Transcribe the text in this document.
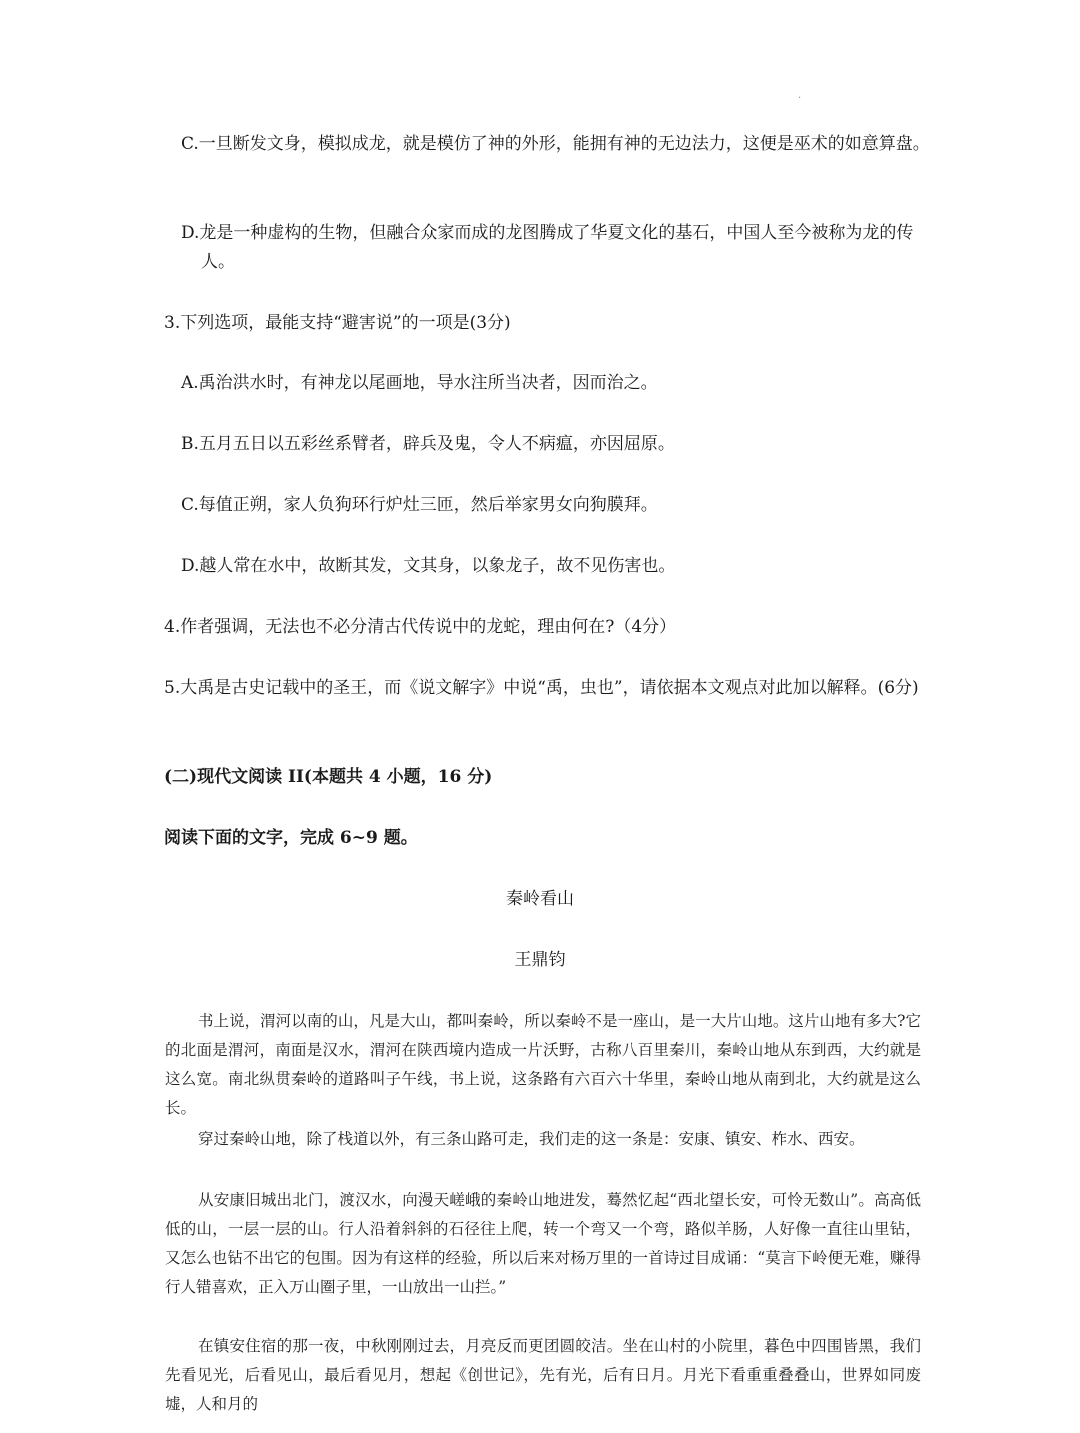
.
C.一旦断发文身，模拟成龙，就是模仿了神的外形，能拥有神的无边法力，这便是巫术的如意算盘。
D.龙是一种虚构的生物，但融合众家而成的龙图腾成了华夏文化的基石，中国人至今被称为龙的传人。
3.下列选项，最能支持“避害说”的一项是(3分)
A.禹治洪水时，有神龙以尾画地，导水注所当决者，因而治之。
B.五月五日以五彩丝系臂者，辟兵及鬼，令人不病瘟，亦因屈原。
C.每值正朔，家人负狗环行炉灶三匝，然后举家男女向狗膜拜。
D.越人常在水中，故断其发，文其身，以象龙子，故不见伤害也。
4.作者强调，无法也不必分清古代传说中的龙蛇，理由何在?（4分）
5.大禹是古史记载中的圣王，而《说文解字》中说“禹，虫也”，请依据本文观点对此加以解释。(6分)
(二)现代文阅读 II(本题共 4 小题，16 分)
阅读下面的文字，完成 6~9 题。
秦岭看山
王鼎钧
书上说，渭河以南的山，凡是大山，都叫秦岭，所以秦岭不是一座山，是一大片山地。这片山地有多大?它的北面是渭河，南面是汉水，渭河在陕西境内造成一片沃野，古称八百里秦川，秦岭山地从东到西，大约就是这么宽。南北纵贯秦岭的道路叫子午线，书上说，这条路有六百六十华里，秦岭山地从南到北，大约就是这么长。
穿过秦岭山地，除了栈道以外，有三条山路可走，我们走的这一条是：安康、镇安、柞水、西安。
从安康旧城出北门，渡汉水，向漫天嵯峨的秦岭山地进发，蓦然忆起“西北望长安，可怜无数山”。高高低低的山，一层一层的山。行人沿着斜斜的石径往上爬，转一个弯又一个弯，路似羊肠，人好像一直往山里钻，又怎么也钻不出它的包围。因为有这样的经验，所以后来对杨万里的一首诗过目成诵：“莫言下岭便无难，赚得行人错喜欢，正入万山圈子里，一山放出一山拦。”
在镇安住宿的那一夜，中秋刚刚过去，月亮反而更团圆皎洁。坐在山村的小院里，暮色中四围皆黑，我们先看见光，后看见山，最后看见月，想起《创世记》，先有光，后有日月。月光下看重重叠叠山，世界如同废墟，人和月的
